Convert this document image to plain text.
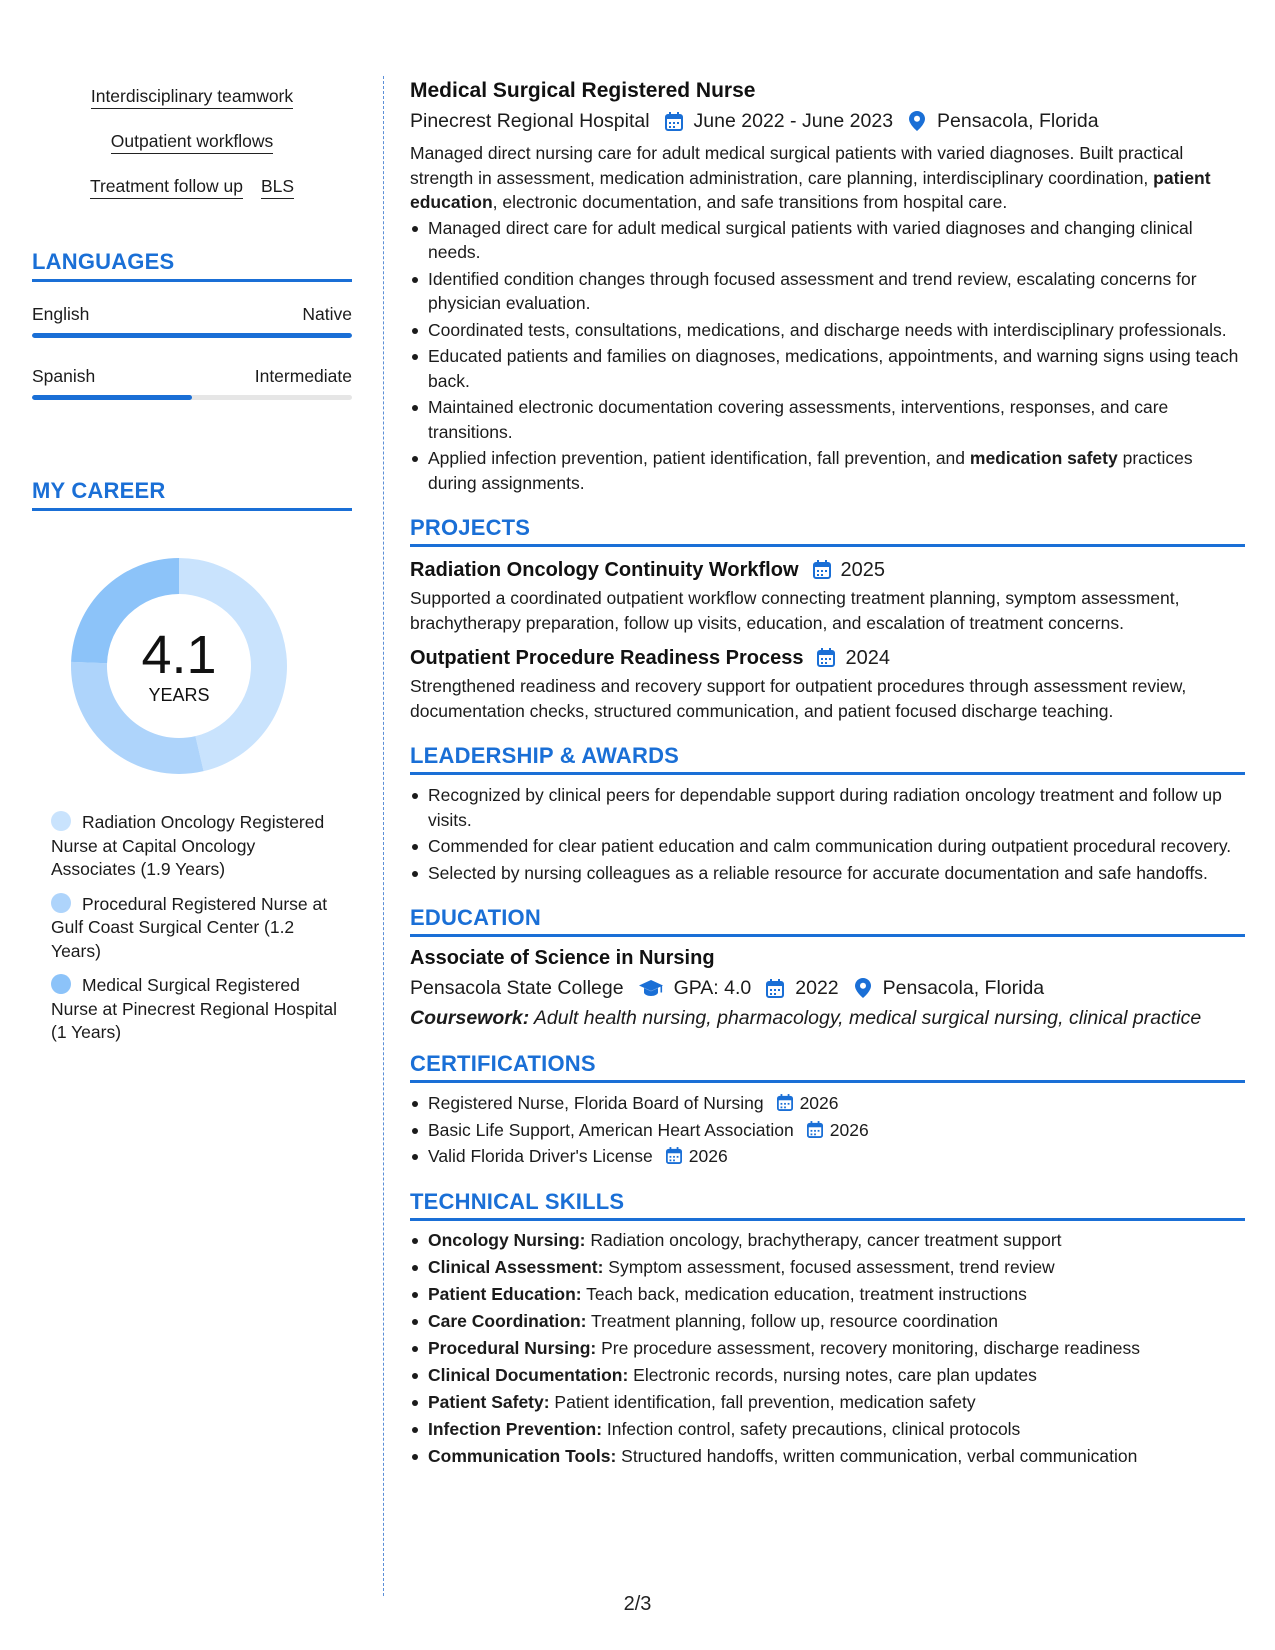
Interdisciplinary teamwork
Outpatient workflows
Treatment follow up BLS
LANGUAGES
English	Native
Spanish	Intermediate
MY CAREER
4.1
YEARS
Radiation Oncology Registered Nurse at Capital Oncology Associates (1.9 Years)
Procedural Registered Nurse at Gulf Coast Surgical Center (1.2 Years)
Medical Surgical Registered Nurse at Pinecrest Regional Hospital (1 Years)
Medical Surgical Registered Nurse
Pinecrest Regional Hospital June 2022 - June 2023 Pensacola, Florida

Managed direct nursing care for adult medical surgical patients with varied diagnoses. Built practical strength in assessment, medication administration, care planning, interdisciplinary coordination, patient education, electronic documentation, and safe transitions from hospital care.

Managed direct care for adult medical surgical patients with varied diagnoses and changing clinical needs.
Identified condition changes through focused assessment and trend review, escalating concerns for physician evaluation.
Coordinated tests, consultations, medications, and discharge needs with interdisciplinary professionals.
Educated patients and families on diagnoses, medications, appointments, and warning signs using teach back.
Maintained electronic documentation covering assessments, interventions, responses, and care transitions.
Applied infection prevention, patient identification, fall prevention, and medication safety practices during assignments.
PROJECTS
Radiation Oncology Continuity Workflow 2025

Supported a coordinated outpatient workflow connecting treatment planning, symptom assessment, brachytherapy preparation, follow up visits, education, and escalation of treatment concerns.

Outpatient Procedure Readiness Process 2024

Strengthened readiness and recovery support for outpatient procedures through assessment review, documentation checks, structured communication, and patient focused discharge teaching.

LEADERSHIP & AWARDS
Recognized by clinical peers for dependable support during radiation oncology treatment and follow up visits.
Commended for clear patient education and calm communication during outpatient procedural recovery.
Selected by nursing colleagues as a reliable resource for accurate documentation and safe handoffs.
EDUCATION
Associate of Science in Nursing
Pensacola State College	GPA: 4.0 2022 Pensacola, Florida
Coursework: Adult health nursing, pharmacology, medical surgical nursing, clinical practice
CERTIFICATIONS
Registered Nurse, Florida Board of Nursing 2026
Basic Life Support, American Heart Association 2026
Valid Florida Driver's License 2026
TECHNICAL SKILLS
Oncology Nursing: Radiation oncology, brachytherapy, cancer treatment support
Clinical Assessment: Symptom assessment, focused assessment, trend review
Patient Education: Teach back, medication education, treatment instructions
Care Coordination: Treatment planning, follow up, resource coordination
Procedural Nursing: Pre procedure assessment, recovery monitoring, discharge readiness
Clinical Documentation: Electronic records, nursing notes, care plan updates
Patient Safety: Patient identification, fall prevention, medication safety
Infection Prevention: Infection control, safety precautions, clinical protocols
Communication Tools: Structured handoffs, written communication, verbal communication
2/3
